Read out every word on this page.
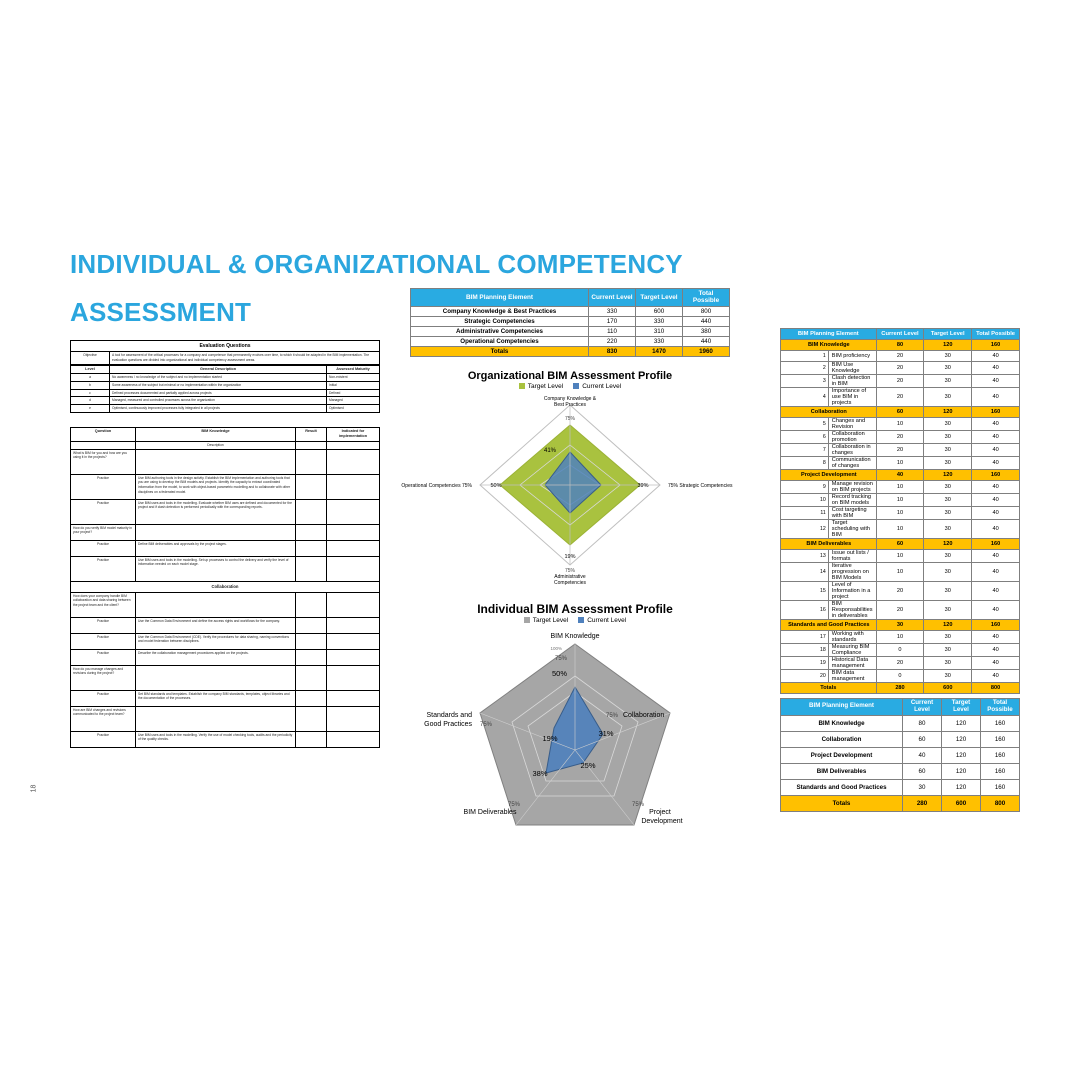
INDIVIDUAL & ORGANIZATIONAL COMPETENCY
ASSESSMENT
18
Evaluation Questions
Objective	A tool for assessment of the critical processes for a company and competence that permanently evolves over time, to which it should be adapted in the BIM implementation. The evaluation questions are divided into organizational and individual competency assessment areas.
Level	General Description	Assessed Maturity
a	No awareness / no knowledge of the subject and no implementation started	Non-existent
b	Some awareness of the subject but minimal or no implementation within the organization	Initial
c	Defined processes documented and partially applied across projects	Defined
d	Managed, measured and controlled processes across the organization	Managed
e	Optimised, continuously improved processes fully integrated in all projects	Optimised
Question	BIM Knowledge	Result	Indicated for implementation
	Description		
What is BIM for you and how are you using it in the projects?			
Practice	Use BIM authoring tools in the design activity. Establish the BIM implementation and authoring tools that you are using to develop the BIM models and projects. Identify the capacity to extract coordinated information from the model, to work with object-based parametric modelling and to collaborate with other disciplines on a federated model.		
Practice	Use BIM uses and tools in the modelling. Evaluate whether BIM uses are defined and documented for the project and if clash detection is performed periodically with the corresponding reports.		
How do you verify BIM model maturity in your project?			
Practice	Define BIM deliverables and approvals by the project stages.		
Practice	Use BIM uses and tools in the modelling. Set up processes to control the delivery and verify the level of information needed on each model stage.		
Collaboration			
How does your company handle BIM collaboration and data sharing between the project team and the client?			
Practice	Use the Common Data Environment and define the access rights and workflows for the company.		
Practice	Use the Common Data Environment (CDE). Verify the procedures for data sharing, naming conventions and model federation between disciplines.		
Practice	Describe the collaboration management procedures applied on the projects.		
How do you manage changes and revisions during the project?			
Practice	Set BIM standards and templates. Establish the company BIM standards, templates, object libraries and the documentation of the processes.		
How are BIM changes and revisions communicated to the project team?			
Practice	Use BIM uses and tools in the modelling. Verify the use of model checking tools, audits and the periodicity of the quality checks.		
BIM Planning Element	Current Level	Target Level	Total Possible
Company Knowledge & Best Practices	330	600	800
Strategic Competencies	170	330	440
Administrative Competencies	110	310	380
Operational Competencies	220	330	440
Totals	830	1470	1960
Organizational BIM Assessment Profile
Target Level	Current Level
Company Knowledge &
Best Practices
75%
41%
75% Strategic Competencies
39%
19%
75%
Administrative
Competencies
Operational Competencies 75%	50%
Individual BIM Assessment Profile
Target Level	Current Level
BIM Knowledge
100%
75%
50%
Collaboration
75%
31%
75%
Project
Development
25%
75%
BIM Deliverables
38%
Standards and
Good Practices 75%
19%
BIM Planning Element		Current Level	Target Level	Total Possible
BIM Knowledge		80	120	160
1	BIM proficiency	20	30	40
2	BIM Use Knowledge	20	30	40
3	Clash detection in BIM	20	30	40
4	Importance of use BIM in projects	20	30	40
Collaboration		60	120	160
5	Changes and Revision	10	30	40
6	Collaboration promotion	20	30	40
7	Collaboration in changes	20	30	40
8	Communication of changes	10	30	40
Project Development		40	120	160
9	Manage revision on BIM projects	10	30	40
10	Record tracking on BIM models	10	30	40
11	Cost targeting with BIM	10	30	40
12	Target scheduling with BIM	10	30	40
BIM Deliverables		60	120	160
13	Issue out lists / formats	10	30	40
14	Iterative progression on BIM Models	10	30	40
15	Level of Information in a project	20	30	40
16	BIM Responsabilities in deliverables	20	30	40
Standards and Good Practices		30	120	160
17	Working with standards	10	30	40
18	Measuring BIM Compliance	0	30	40
19	Historical Data management	20	30	40
20	BIM data management	0	30	40
Totals		280	600	800
BIM Planning Element	Current Level	Target Level	Total Possible
BIM Knowledge	80	120	160
Collaboration	60	120	160
Project Development	40	120	160
BIM Deliverables	60	120	160
Standards and Good Practices	30	120	160
Totals	280	600	800
